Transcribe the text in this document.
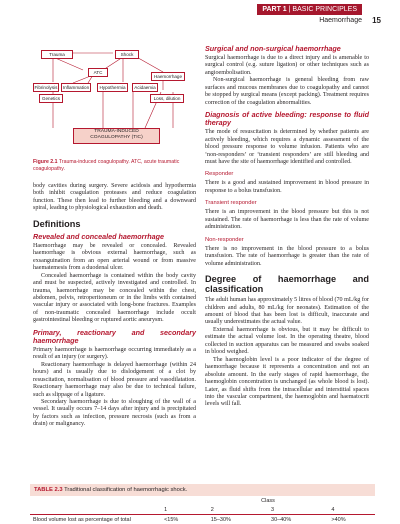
PART 1 | BASIC PRINCIPLES
Haemorrhage 15
Trauma	Shock
ATC
Haemorrhage
Fibrinolysis	Inflammation	Hypothermia	Acidaemia
Genetics	Loss, dilution
TRAUMA-INDUCED
COAGULOPATHY (TIC)
Figure 2.1 Trauma-induced coagulopathy. ATC, acute traumatic coagulopathy.

body cavities during surgery. Severe acidosis and hypothermia both inhibit coagulation proteases and reduce coagulation function. These then lead to further bleeding and a downward spiral, leading to physiological exhaustion and death.

Definitions
Revealed and concealed haemorrhage

Haemorrhage may be revealed or concealed. Revealed haemorrhage is obvious external haemorrhage, such as exsanguination from an open arterial wound or from massive haematemesis from a duodenal ulcer.

Concealed haemorrhage is contained within the body cavity and must be suspected, actively investigated and controlled. In trauma, haemorrhage may be concealed within the chest, abdomen, pelvis, retroperitoneum or in the limbs with contained vascular injury or associated with long-bone fractures. Examples of non-traumatic concealed haemorrhage include occult gastrointestinal bleeding or ruptured aortic aneurysm.

Primary, reactionary and secondary haemorrhage

Primary haemorrhage is haemorrhage occurring immediately as a result of an injury (or surgery).

Reactionary haemorrhage is delayed haemorrhage (within 24 hours) and is usually due to dislodgement of a clot by resuscitation, normalisation of blood pressure and vasodilatation. Reactionary haemorrhage may also be due to technical failure, such as slippage of a ligature.

Secondary haemorrhage is due to sloughing of the wall of a vessel. It usually occurs 7–14 days after injury and is precipitated by factors such as infection, pressure necrosis (such as from a drain) or malignancy.

Surgical and non-surgical haemorrhage

Surgical haemorrhage is due to a direct injury and is amenable to surgical control (e.g. suture ligation) or other techniques such as angioembolisation.

Non-surgical haemorrhage is general bleeding from raw surfaces and mucous membranes due to coagulopathy and cannot be stopped by surgical means (except packing). Treatment requires correction of the coagulation abnormalities.

Diagnosis of active bleeding: response to fluid therapy

The mode of resuscitation is determined by whether patients are actively bleeding, which requires a dynamic assessment of the blood pressure response to volume infusion. Patients who are ‘non-responders’ or ‘transient responders’ are still bleeding and must have the site of haemorrhage identified and controlled.

Responder

There is a good and sustained improvement in blood pressure in response to a bolus transfusion.

Transient responder

There is an improvement in the blood pressure but this is not sustained. The rate of haemorrhage is less than the rate of volume administration.

Non-responder

There is no improvement in the blood pressure to a bolus transfusion. The rate of haemorrhage is greater than the rate of volume administration.

Degree of haemorrhage and classification

The adult human has approximately 5 litres of blood (70 mL/kg for children and adults, 80 mL/kg for neonates). Estimation of the amount of blood that has been lost is difficult, inaccurate and usually underestimates the actual value.

External haemorrhage is obvious, but it may be difficult to estimate the actual volume lost. In the operating theatre, blood collected in suction apparatus can be measured and swabs soaked in blood weighed.

The haemoglobin level is a poor indicator of the degree of haemorrhage because it represents a concentration and not an absolute amount. In the early stages of rapid haemorrhage, the haemoglobin concentration is unchanged (as whole blood is lost). Later, as fluid shifts from the intracellular and interstitial spaces into the vascular compartment, the haemoglobin and haematocrit levels will fall.

TABLE 2.3 Traditional classification of haemorrhagic shock.
	Class			
	1	2	3	4
Blood volume lost as percentage of total	<15%	15–30%	30–40%	>40%
